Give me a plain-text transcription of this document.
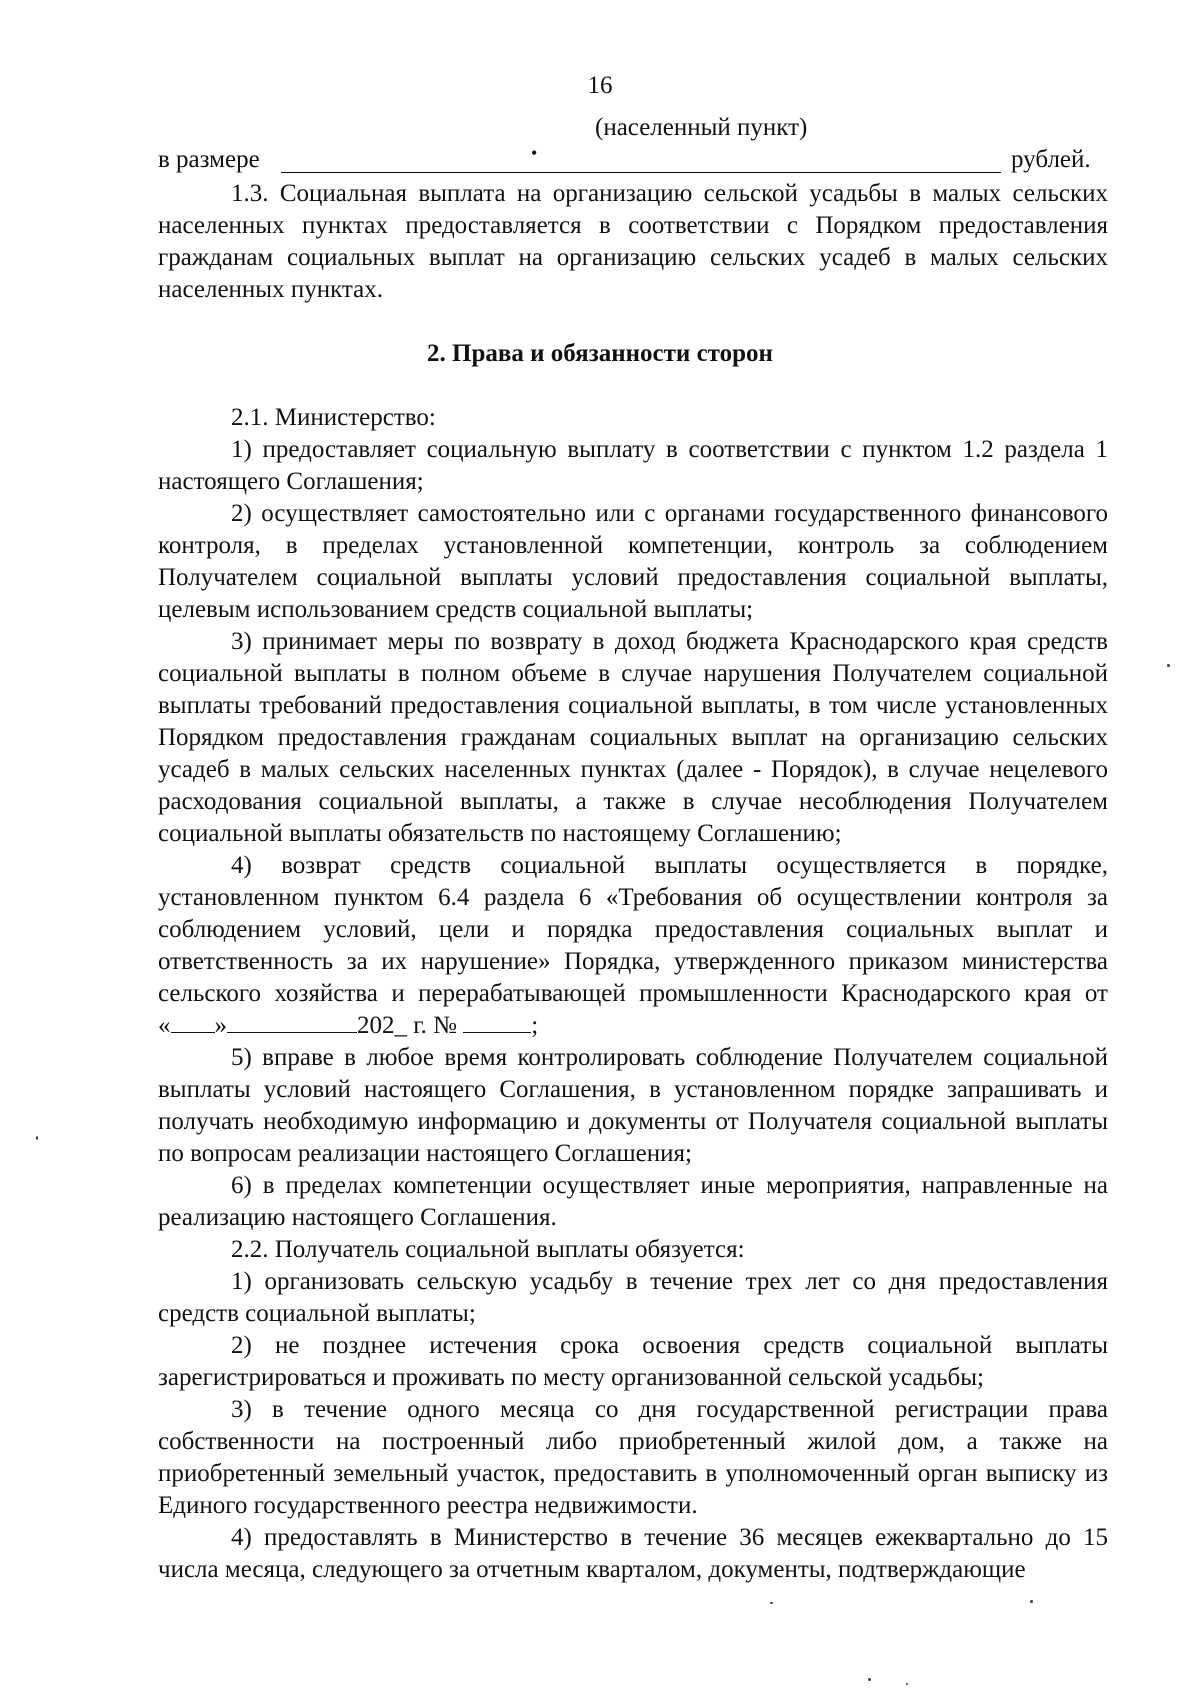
16
(населенный пункт)
в размере	•	рублей.

1.3. Социальная выплата на организацию сельской усадьбы в малых сельских населенных пунктах предоставляется в соответствии с Порядком предоставления гражданам социальных выплат на организацию сельских усадеб в малых сельских населенных пунктах.

2. Права и обязанности сторон

2.1. Министерство:

1) предоставляет социальную выплату в соответствии с пунктом 1.2 раздела 1 настоящего Соглашения;

2) осуществляет самостоятельно или с органами государственного финансового контроля, в пределах установленной компетенции, контроль за соблюдением Получателем социальной выплаты условий предоставления социальной выплаты, целевым использованием средств социальной выплаты;

3) принимает меры по возврату в доход бюджета Краснодарского края средств социальной выплаты в полном объеме в случае нарушения Получателем социальной выплаты требований предоставления социальной выплаты, в том числе установленных Порядком предоставления гражданам социальных выплат на организацию сельских усадеб в малых сельских населенных пунктах (далее - Порядок), в случае нецелевого расходования социальной выплаты, а также в случае несоблюдения Получателем социальной выплаты обязательств по настоящему Соглашению;

4) возврат средств социальной выплаты осуществляется в порядке, установленном пунктом 6.4 раздела 6 «Требования об осуществлении контроля за соблюдением условий, цели и порядка предоставления социальных выплат и ответственность за их нарушение» Порядка, утвержденного приказом министерства сельского хозяйства и перерабатывающей промышленности Краснодарского края от

« »	202_ г. №	;

5) вправе в любое время контролировать соблюдение Получателем социальной выплаты условий настоящего Соглашения, в установленном порядке запрашивать и получать необходимую информацию и документы от Получателя социальной выплаты по вопросам реализации настоящего Соглашения;

6) в пределах компетенции осуществляет иные мероприятия, направленные на реализацию настоящего Соглашения.

2.2. Получатель социальной выплаты обязуется:

1) организовать сельскую усадьбу в течение трех лет со дня предоставления средств социальной выплаты;

2) не позднее истечения срока освоения средств социальной выплаты зарегистрироваться и проживать по месту организованной сельской усадьбы;

3) в течение одного месяца со дня государственной регистрации права собственности на построенный либо приобретенный жилой дом, а также на приобретенный земельный участок, предоставить в уполномоченный орган выписку из Единого государственного реестра недвижимости.

4) предоставлять в Министерство в течение 36 месяцев ежеквартально до 15 числа месяца, следующего за отчетным кварталом, документы, подтверждающие
